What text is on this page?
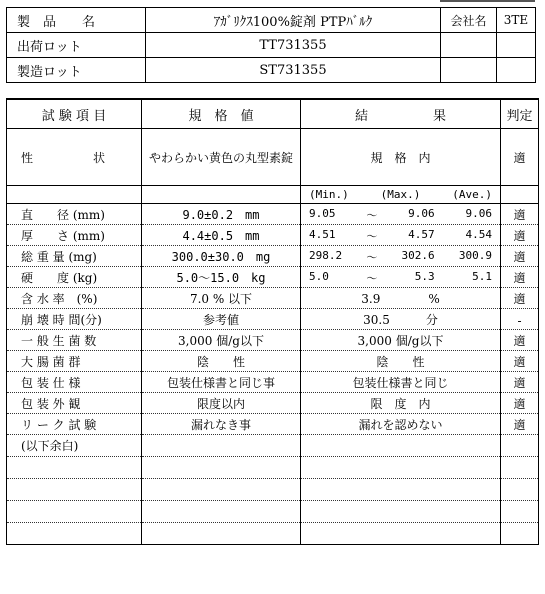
製　品　　名	ｱｶﾞﾘｸｽ100%錠剤 PTPﾊﾞﾙｸ	会社名	3TE
出荷ロット	TT731355		
製造ロット	ST731355		
試 験 項 目	規　格　値	結　　　　　果	判定
性　　　　　状	やわらかい黄色の丸型素錠	規　格　内	適

		(Min.) (Max.) (Ave.)	

直　　径 (mm)	9.0±0.2　mm	9.05 ～ 9.06 9.06	適
厚　　さ (mm)	4.4±0.5　mm	4.51 ～ 4.57 4.54	適
総 重 量 (mg)	300.0±30.0　mg	298.2 ～ 302.6 300.9	適
硬　　度 (kg)	5.0～15.0　kg	5.0 ～ 5.3 5.1	適
含 水 率　(%)	7.0 % 以下	3.9　　　　%	適
崩 壊 時 間(分)	参考値	30.5　　　分	-
一 般 生 菌 数	3,000 個/g以下	3,000 個/g以下	適
大 腸 菌 群	陰　　性	陰　　性	適
包 装 仕 様	包装仕様書と同じ事	包装仕様書と同じ	適
包 装 外 観	限度以内	限　度　内	適
リ ー ク 試 験	漏れなき事	漏れを認めない	適
(以下余白)			
